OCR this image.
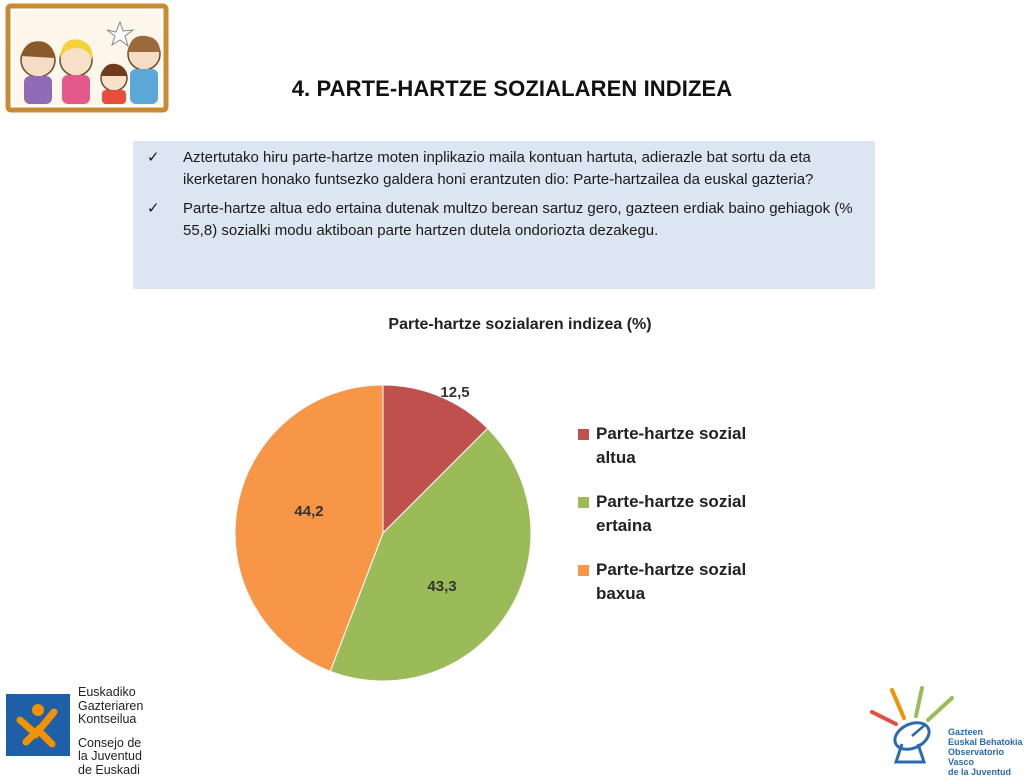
4. PARTE-HARTZE SOZIALAREN INDIZEA
✓ Aztertutako hiru parte-hartze moten inplikazio maila kontuan hartuta, adierazle bat sortu da eta ikerketaren honako funtsezko galdera honi erantzuten dio: Parte-hartzailea da euskal gazteria?
✓ Parte-hartze altua edo ertaina dutenak multzo berean sartuz gero, gazteen erdiak baino gehiagok (% 55,8) sozialki modu aktiboan parte hartzen dutela ondoriozta dezakegu.
Parte-hartze sozialaren indizea (%)
12,5
43,3
44,2
Parte-hartze sozial altua
Parte-hartze sozial ertaina
Parte-hartze sozial baxua
Euskadiko
Gazteriaren
Kontseilua
Consejo de
la Juventud
de Euskadi
Gazteen
Euskal Behatokia
Observatorio Vasco
de la Juventud
